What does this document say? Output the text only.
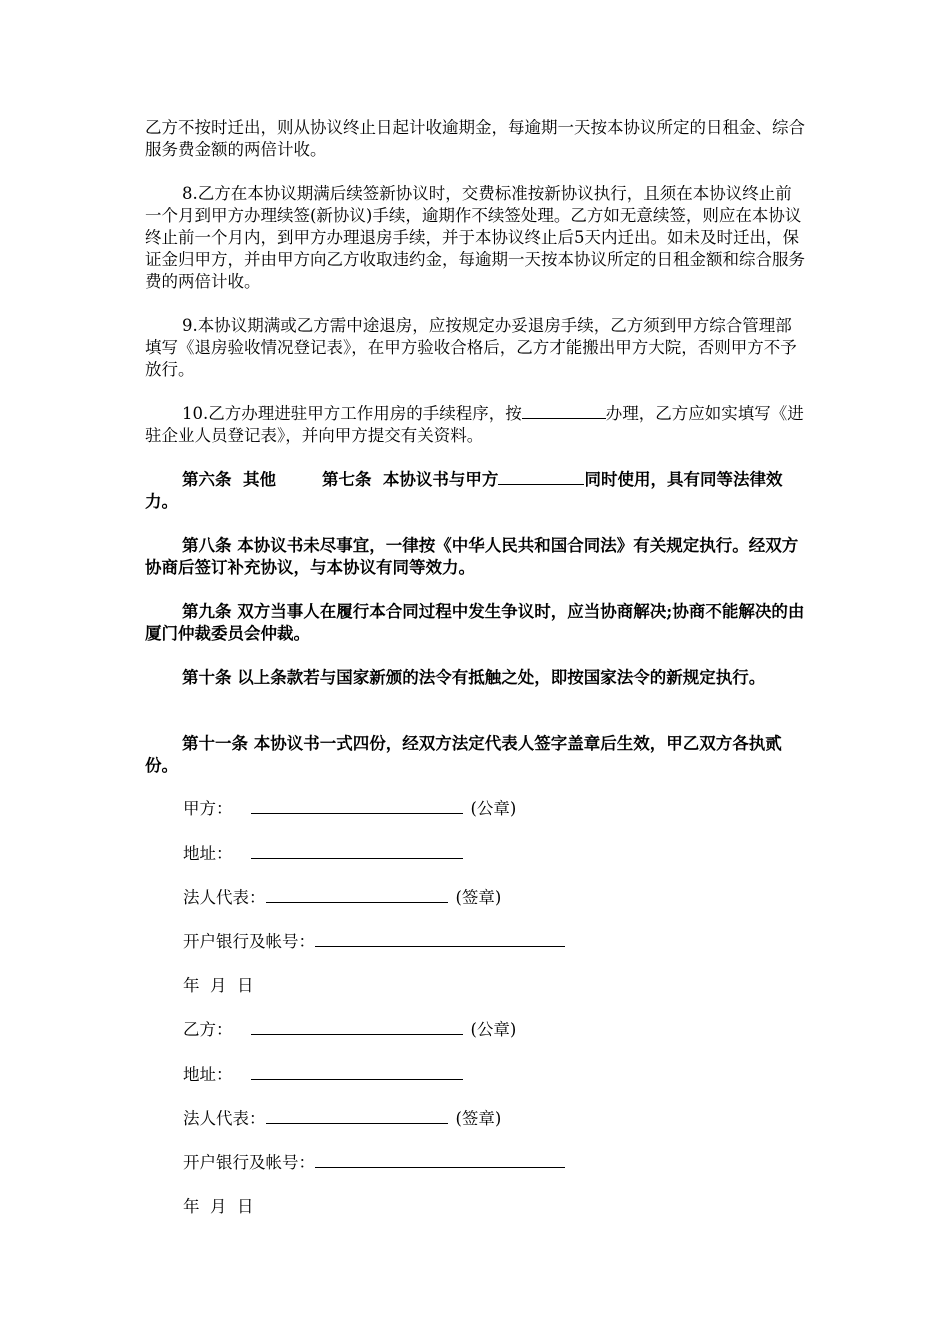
乙方不按时迁出，则从协议终止日起计收逾期金，每逾期一天按本协议所定的日租金、综合服务费金额的两倍计收。

8.乙方在本协议期满后续签新协议时，交费标准按新协议执行，且须在本协议终止前一个月到甲方办理续签(新协议)手续，逾期作不续签处理。乙方如无意续签，则应在本协议终止前一个月内，到甲方办理退房手续，并于本协议终止后5天内迁出。如未及时迁出，保证金归甲方，并由甲方向乙方收取违约金，每逾期一天按本协议所定的日租金额和综合服务费的两倍计收。

9.本协议期满或乙方需中途退房，应按规定办妥退房手续，乙方须到甲方综合管理部填写《退房验收情况登记表》，在甲方验收合格后，乙方才能搬出甲方大院，否则甲方不予放行。

10.乙方办理进驻甲方工作用房的手续程序，按	办理，乙方应如实填写《进驻企业人员登记表》，并向甲方提交有关资料。

第六条  其他        第七条  本协议书与甲方	同时使用，具有同等法律效力。

第八条 本协议书未尽事宜，一律按《中华人民共和国合同法》有关规定执行。经双方协商后签订补充协议，与本协议有同等效力。

第九条 双方当事人在履行本合同过程中发生争议时，应当协商解决;协商不能解决的由厦门仲裁委员会仲裁。

第十条 以上条款若与国家新颁的法令有抵触之处，即按国家法令的新规定执行。

第十一条 本协议书一式四份，经双方法定代表人签字盖章后生效，甲乙双方各执贰份。

甲方：	(公章)

地址：

法人代表：	(签章)

开户银行及帐号：

年  月  日

乙方：	(公章)

地址：

法人代表：	(签章)

开户银行及帐号：

年  月  日
